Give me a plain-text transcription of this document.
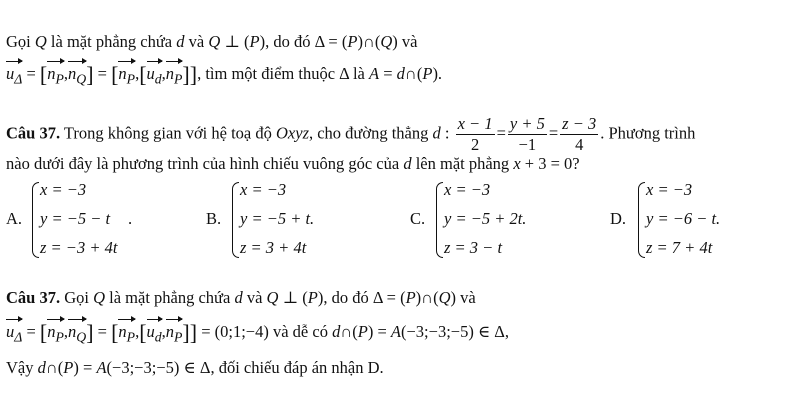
Gọi Q là mặt phẳng chứa d và Q ⊥ (P), do đó Δ = (P)∩(Q) và
$u_\Delta = [n_P,n_Q] = [n_P,[u_d,n_P]]$, tìm một điểm thuộc Δ là A = d∩(P).
Câu 37. Trong không gian với hệ toạ độ Oxyz, cho đường thẳng d : $\frac{x - 1}{2} = \frac{y + 5}{-1} = \frac{z - 3}{4}$ . Phương trình
nào dưới đây là phương trình của hình chiếu vuông góc của d lên mặt phẳng x + 3 = 0?
A.
x = −3
y = −5 − t .
z = −3 + 4t
B.
x = −3
y = −5 + t.
z = 3 + 4t
C.
x = −3
y = −5 + 2t.
z = 3 − t
D.
x = −3
y = −6 − t.
z = 7 + 4t
Câu 37. Gọi Q là mặt phẳng chứa d và Q ⊥ (P), do đó Δ = (P)∩(Q) và
$u_\Delta = [n_P,n_Q] = [n_P,[u_d,n_P]]$ = (0;1;−4) và dễ có d∩(P) = A(−3;−3;−5) ∈ Δ,
Vậy d∩(P) = A(−3;−3;−5) ∈ Δ, đối chiếu đáp án nhận D.
